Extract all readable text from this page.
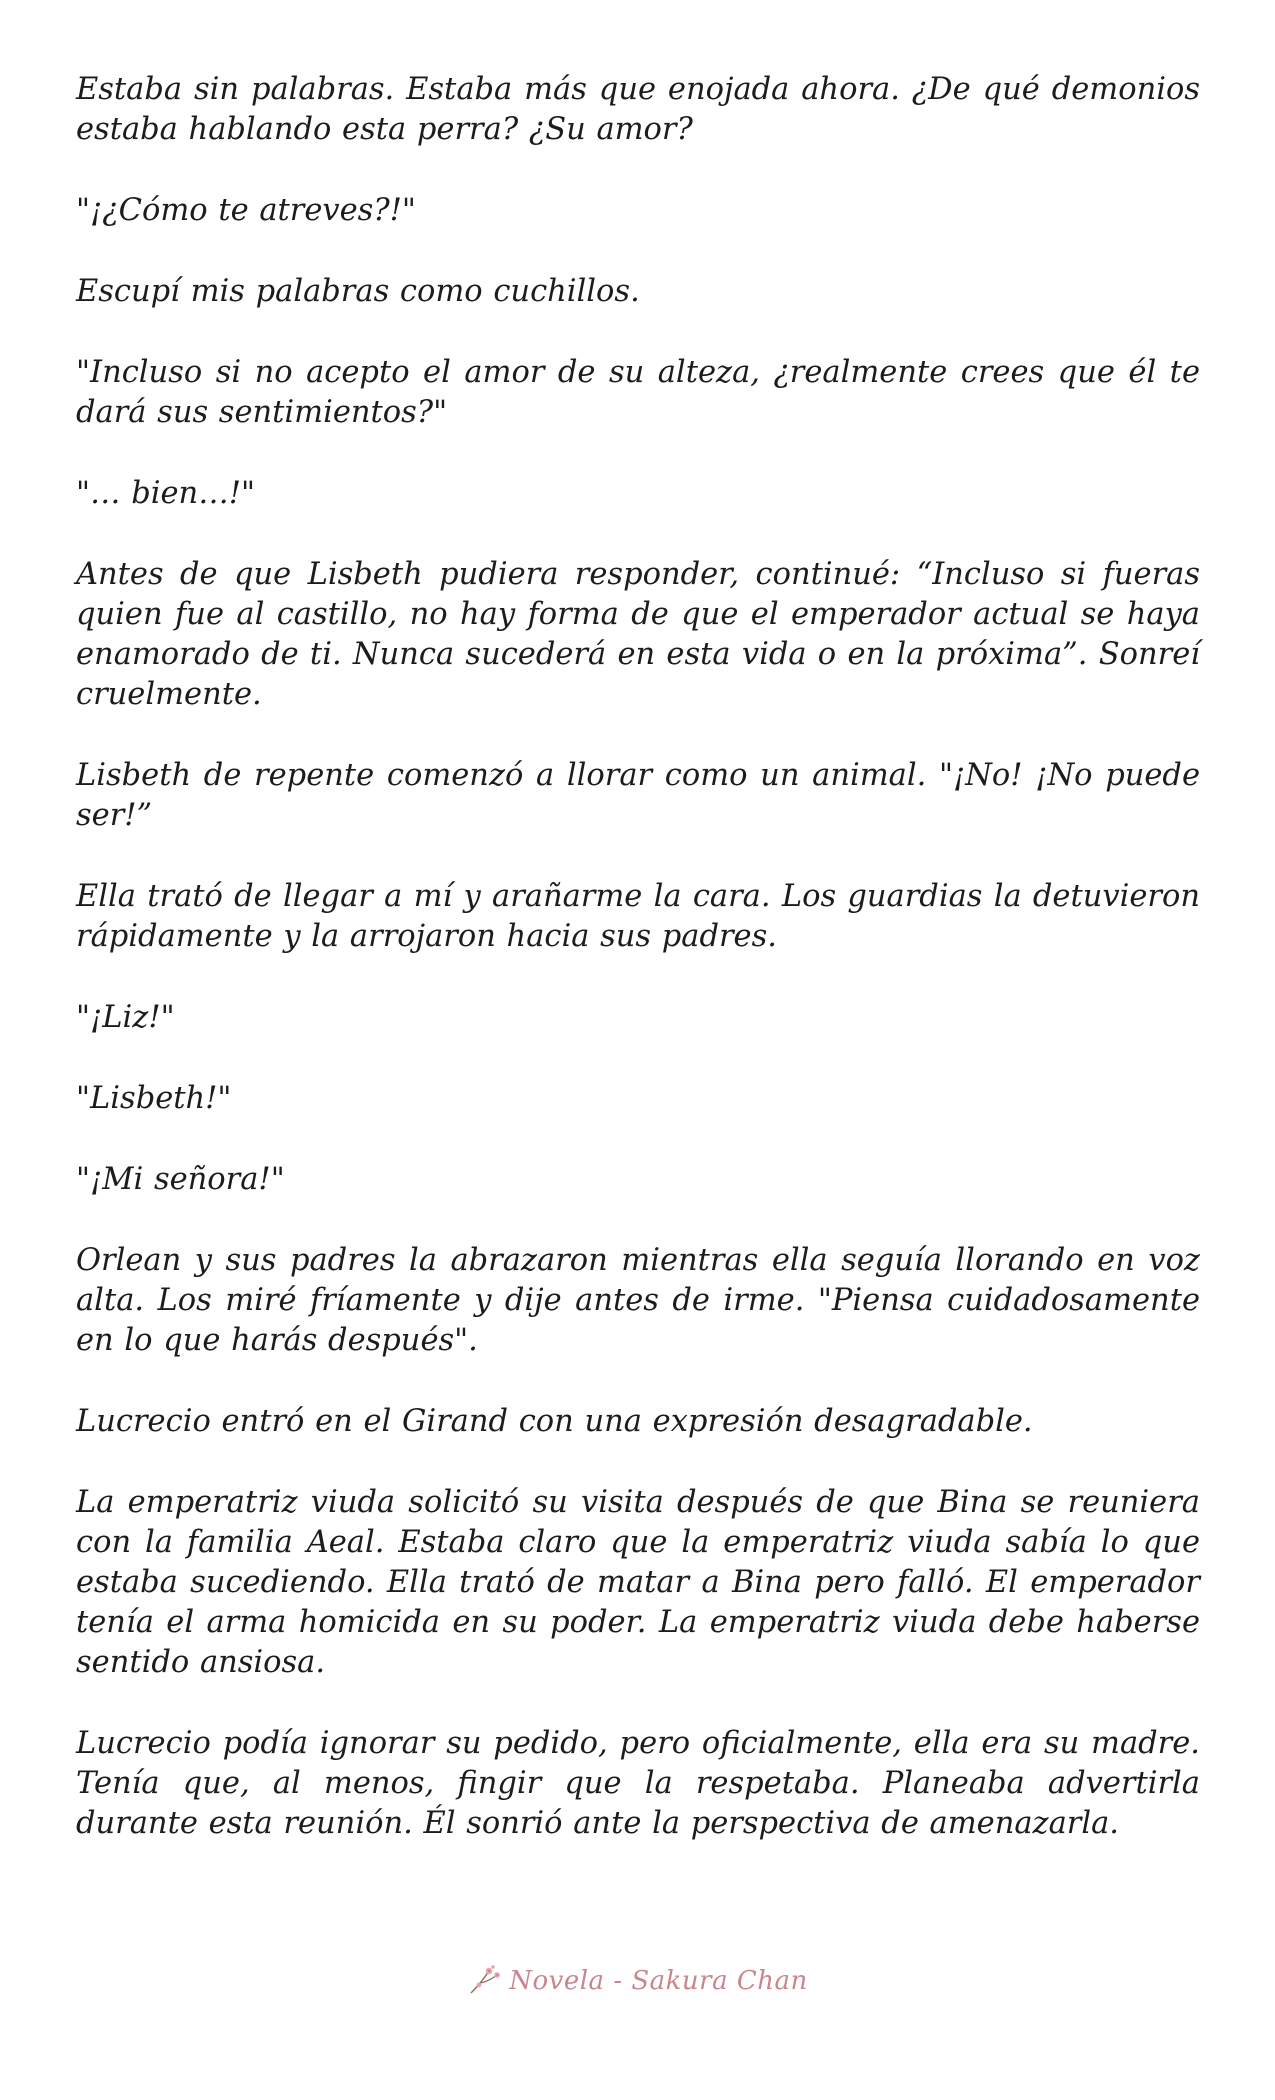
Estaba sin palabras. Estaba más que enojada ahora. ¿De qué demonios estaba hablando esta perra? ¿Su amor?

"¡¿Cómo te atreves?!"

Escupí mis palabras como cuchillos.

"Incluso si no acepto el amor de su alteza, ¿realmente crees que él te dará sus sentimientos?"

"… bien…!"

Antes de que Lisbeth pudiera responder, continué: “Incluso si fueras quien fue al castillo, no hay forma de que el emperador actual se haya enamorado de ti. Nunca sucederá en esta vida o en la próxima”. Sonreí cruelmente.

Lisbeth de repente comenzó a llorar como un animal. "¡No! ¡No puede ser!”

Ella trató de llegar a mí y arañarme la cara. Los guardias la detuvieron rápidamente y la arrojaron hacia sus padres.

"¡Liz!"

"Lisbeth!"

"¡Mi señora!"

Orlean y sus padres la abrazaron mientras ella seguía llorando en voz alta. Los miré fríamente y dije antes de irme. "Piensa cuidadosamente en lo que harás después".

Lucrecio entró en el Girand con una expresión desagradable.

La emperatriz viuda solicitó su visita después de que Bina se reuniera con la familia Aeal. Estaba claro que la emperatriz viuda sabía lo que estaba sucediendo. Ella trató de matar a Bina pero falló. El emperador tenía el arma homicida en su poder. La emperatriz viuda debe haberse sentido ansiosa.

Lucrecio podía ignorar su pedido, pero oficialmente, ella era su madre. Tenía que, al menos, fingir que la respetaba. Planeaba advertirla durante esta reunión. Él sonrió ante la perspectiva de amenazarla.

Novela - Sakura Chan
